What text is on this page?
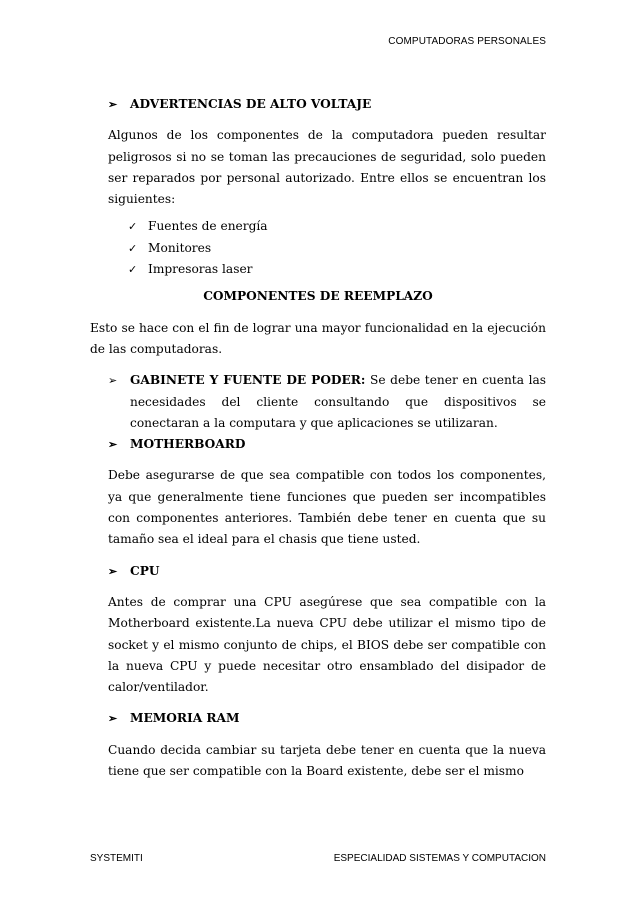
COMPUTADORAS PERSONALES
➢ ADVERTENCIAS DE ALTO VOLTAJE

Algunos de los componentes de la computadora pueden resultar peligrosos si no se toman las precauciones de seguridad, solo pueden ser reparados por personal autorizado. Entre ellos se encuentran los siguientes:

✓ Fuentes de energía
✓ Monitores
✓ Impresoras laser
COMPONENTES DE REEMPLAZO

Esto se hace con el fin de lograr una mayor funcionalidad en la ejecución de las computadoras.

➢ GABINETE Y FUENTE DE PODER: Se debe tener en cuenta las necesidades del cliente consultando que dispositivos se conectaran a la computara y que aplicaciones se utilizaran.
➢ MOTHERBOARD

Debe asegurarse de que sea compatible con todos los componentes, ya que generalmente tiene funciones que pueden ser incompatibles con componentes anteriores. También debe tener en cuenta que su tamaño sea el ideal para el chasis que tiene usted.

➢ CPU

Antes de comprar una CPU asegúrese que sea compatible con la Motherboard existente.La nueva CPU debe utilizar el mismo tipo de socket y el mismo conjunto de chips, el BIOS debe ser compatible con la nueva CPU y puede necesitar otro ensamblado del disipador de calor/ventilador.

➢ MEMORIA RAM

Cuando decida cambiar su tarjeta debe tener en cuenta que la nueva tiene que ser compatible con la Board existente, debe ser el mismo

SYSTEMITI	ESPECIALIDAD SISTEMAS Y COMPUTACION
